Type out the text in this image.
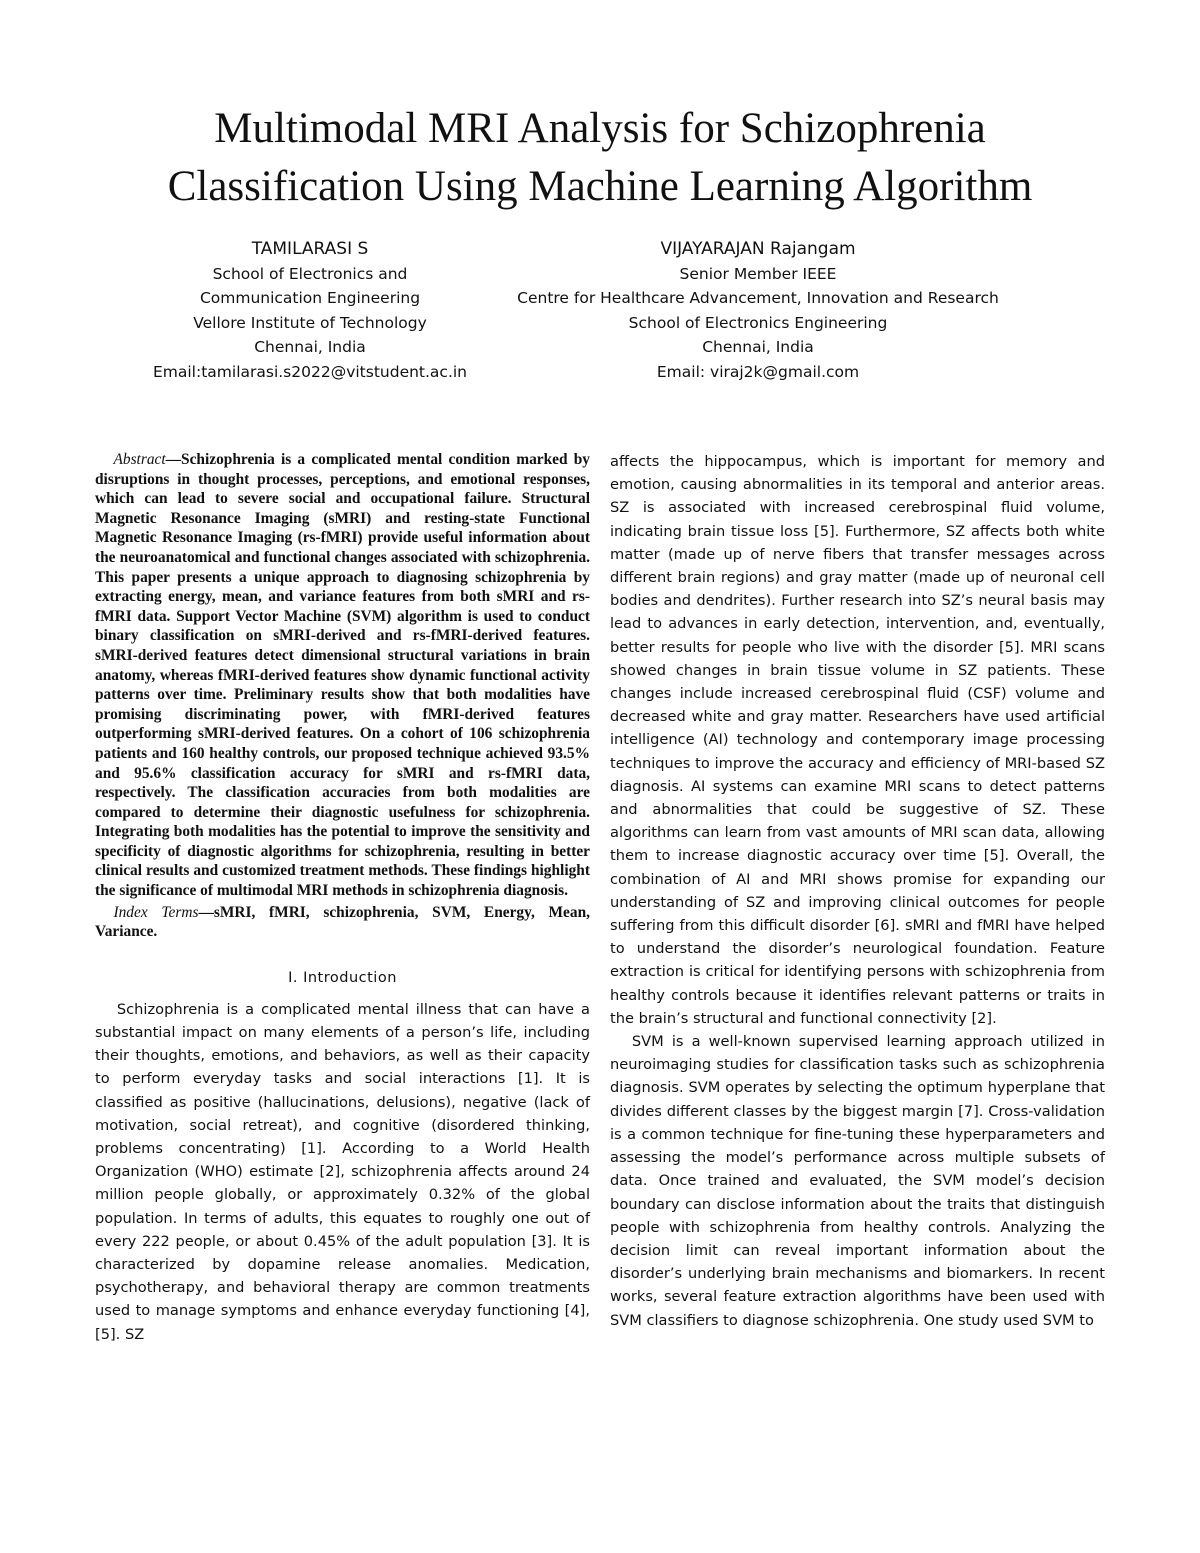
Multimodal MRI Analysis for Schizophrenia
Classification Using Machine Learning Algorithm
TAMILARASI S
School of Electronics and
Communication Engineering
Vellore Institute of Technology
Chennai, India
Email:tamilarasi.s2022@vitstudent.ac.in
VIJAYARAJAN Rajangam
Senior Member IEEE
Centre for Healthcare Advancement, Innovation and Research
School of Electronics Engineering
Chennai, India
Email: viraj2k@gmail.com

Abstract—Schizophrenia is a complicated mental condition marked by disruptions in thought processes, perceptions, and emotional responses, which can lead to severe social and occupational failure. Structural Magnetic Resonance Imaging (sMRI) and resting-state Functional Magnetic Resonance Imaging (rs-fMRI) provide useful information about the neuroanatomical and functional changes associated with schizophrenia. This paper presents a unique approach to diagnosing schizophrenia by extracting energy, mean, and variance features from both sMRI and rs-fMRI data. Support Vector Machine (SVM) algorithm is used to conduct binary classification on sMRI-derived and rs-fMRI-derived features. sMRI-derived features detect dimensional structural variations in brain anatomy, whereas fMRI-derived features show dynamic functional activity patterns over time. Preliminary results show that both modalities have promising discriminating power, with fMRI-derived features outperforming sMRI-derived features. On a cohort of 106 schizophrenia patients and 160 healthy controls, our proposed technique achieved 93.5% and 95.6% classification accuracy for sMRI and rs-fMRI data, respectively. The classification accuracies from both modalities are compared to determine their diagnostic usefulness for schizophrenia. Integrating both modalities has the potential to improve the sensitivity and specificity of diagnostic algorithms for schizophrenia, resulting in better clinical results and customized treatment methods. These findings highlight the significance of multimodal MRI methods in schizophrenia diagnosis.

Index Terms—sMRI, fMRI, schizophrenia, SVM, Energy, Mean, Variance.

I. Introduction

Schizophrenia is a complicated mental illness that can have a substantial impact on many elements of a person’s life, including their thoughts, emotions, and behaviors, as well as their capacity to perform everyday tasks and social interactions [1]. It is classified as positive (hallucinations, delusions), negative (lack of motivation, social retreat), and cognitive (disordered thinking, problems concentrating) [1]. According to a World Health Organization (WHO) estimate [2], schizophrenia affects around 24 million people globally, or approximately 0.32% of the global population. In terms of adults, this equates to roughly one out of every 222 people, or about 0.45% of the adult population [3]. It is characterized by dopamine release anomalies. Medication, psychotherapy, and behavioral therapy are common treatments used to manage symptoms and enhance everyday functioning [4], [5]. SZ

affects the hippocampus, which is important for memory and emotion, causing abnormalities in its temporal and anterior areas. SZ is associated with increased cerebrospinal fluid volume, indicating brain tissue loss [5]. Furthermore, SZ affects both white matter (made up of nerve fibers that transfer messages across different brain regions) and gray matter (made up of neuronal cell bodies and dendrites). Further research into SZ’s neural basis may lead to advances in early detection, intervention, and, eventually, better results for people who live with the disorder [5]. MRI scans showed changes in brain tissue volume in SZ patients. These changes include increased cerebrospinal fluid (CSF) volume and decreased white and gray matter. Researchers have used artificial intelligence (AI) technology and contemporary image processing techniques to improve the accuracy and efficiency of MRI-based SZ diagnosis. AI systems can examine MRI scans to detect patterns and abnormalities that could be suggestive of SZ. These algorithms can learn from vast amounts of MRI scan data, allowing them to increase diagnostic accuracy over time [5]. Overall, the combination of AI and MRI shows promise for expanding our understanding of SZ and improving clinical outcomes for people suffering from this difficult disorder [6]. sMRI and fMRI have helped to understand the disorder’s neurological foundation. Feature extraction is critical for identifying persons with schizophrenia from healthy controls because it identifies relevant patterns or traits in the brain’s structural and functional connectivity [2].

SVM is a well-known supervised learning approach utilized in neuroimaging studies for classification tasks such as schizophrenia diagnosis. SVM operates by selecting the optimum hyperplane that divides different classes by the biggest margin [7]. Cross-validation is a common technique for fine-tuning these hyperparameters and assessing the model’s performance across multiple subsets of data. Once trained and evaluated, the SVM model’s decision boundary can disclose information about the traits that distinguish people with schizophrenia from healthy controls. Analyzing the decision limit can reveal important information about the disorder’s underlying brain mechanisms and biomarkers. In recent works, several feature extraction algorithms have been used with SVM classifiers to diagnose schizophrenia. One study used SVM to
